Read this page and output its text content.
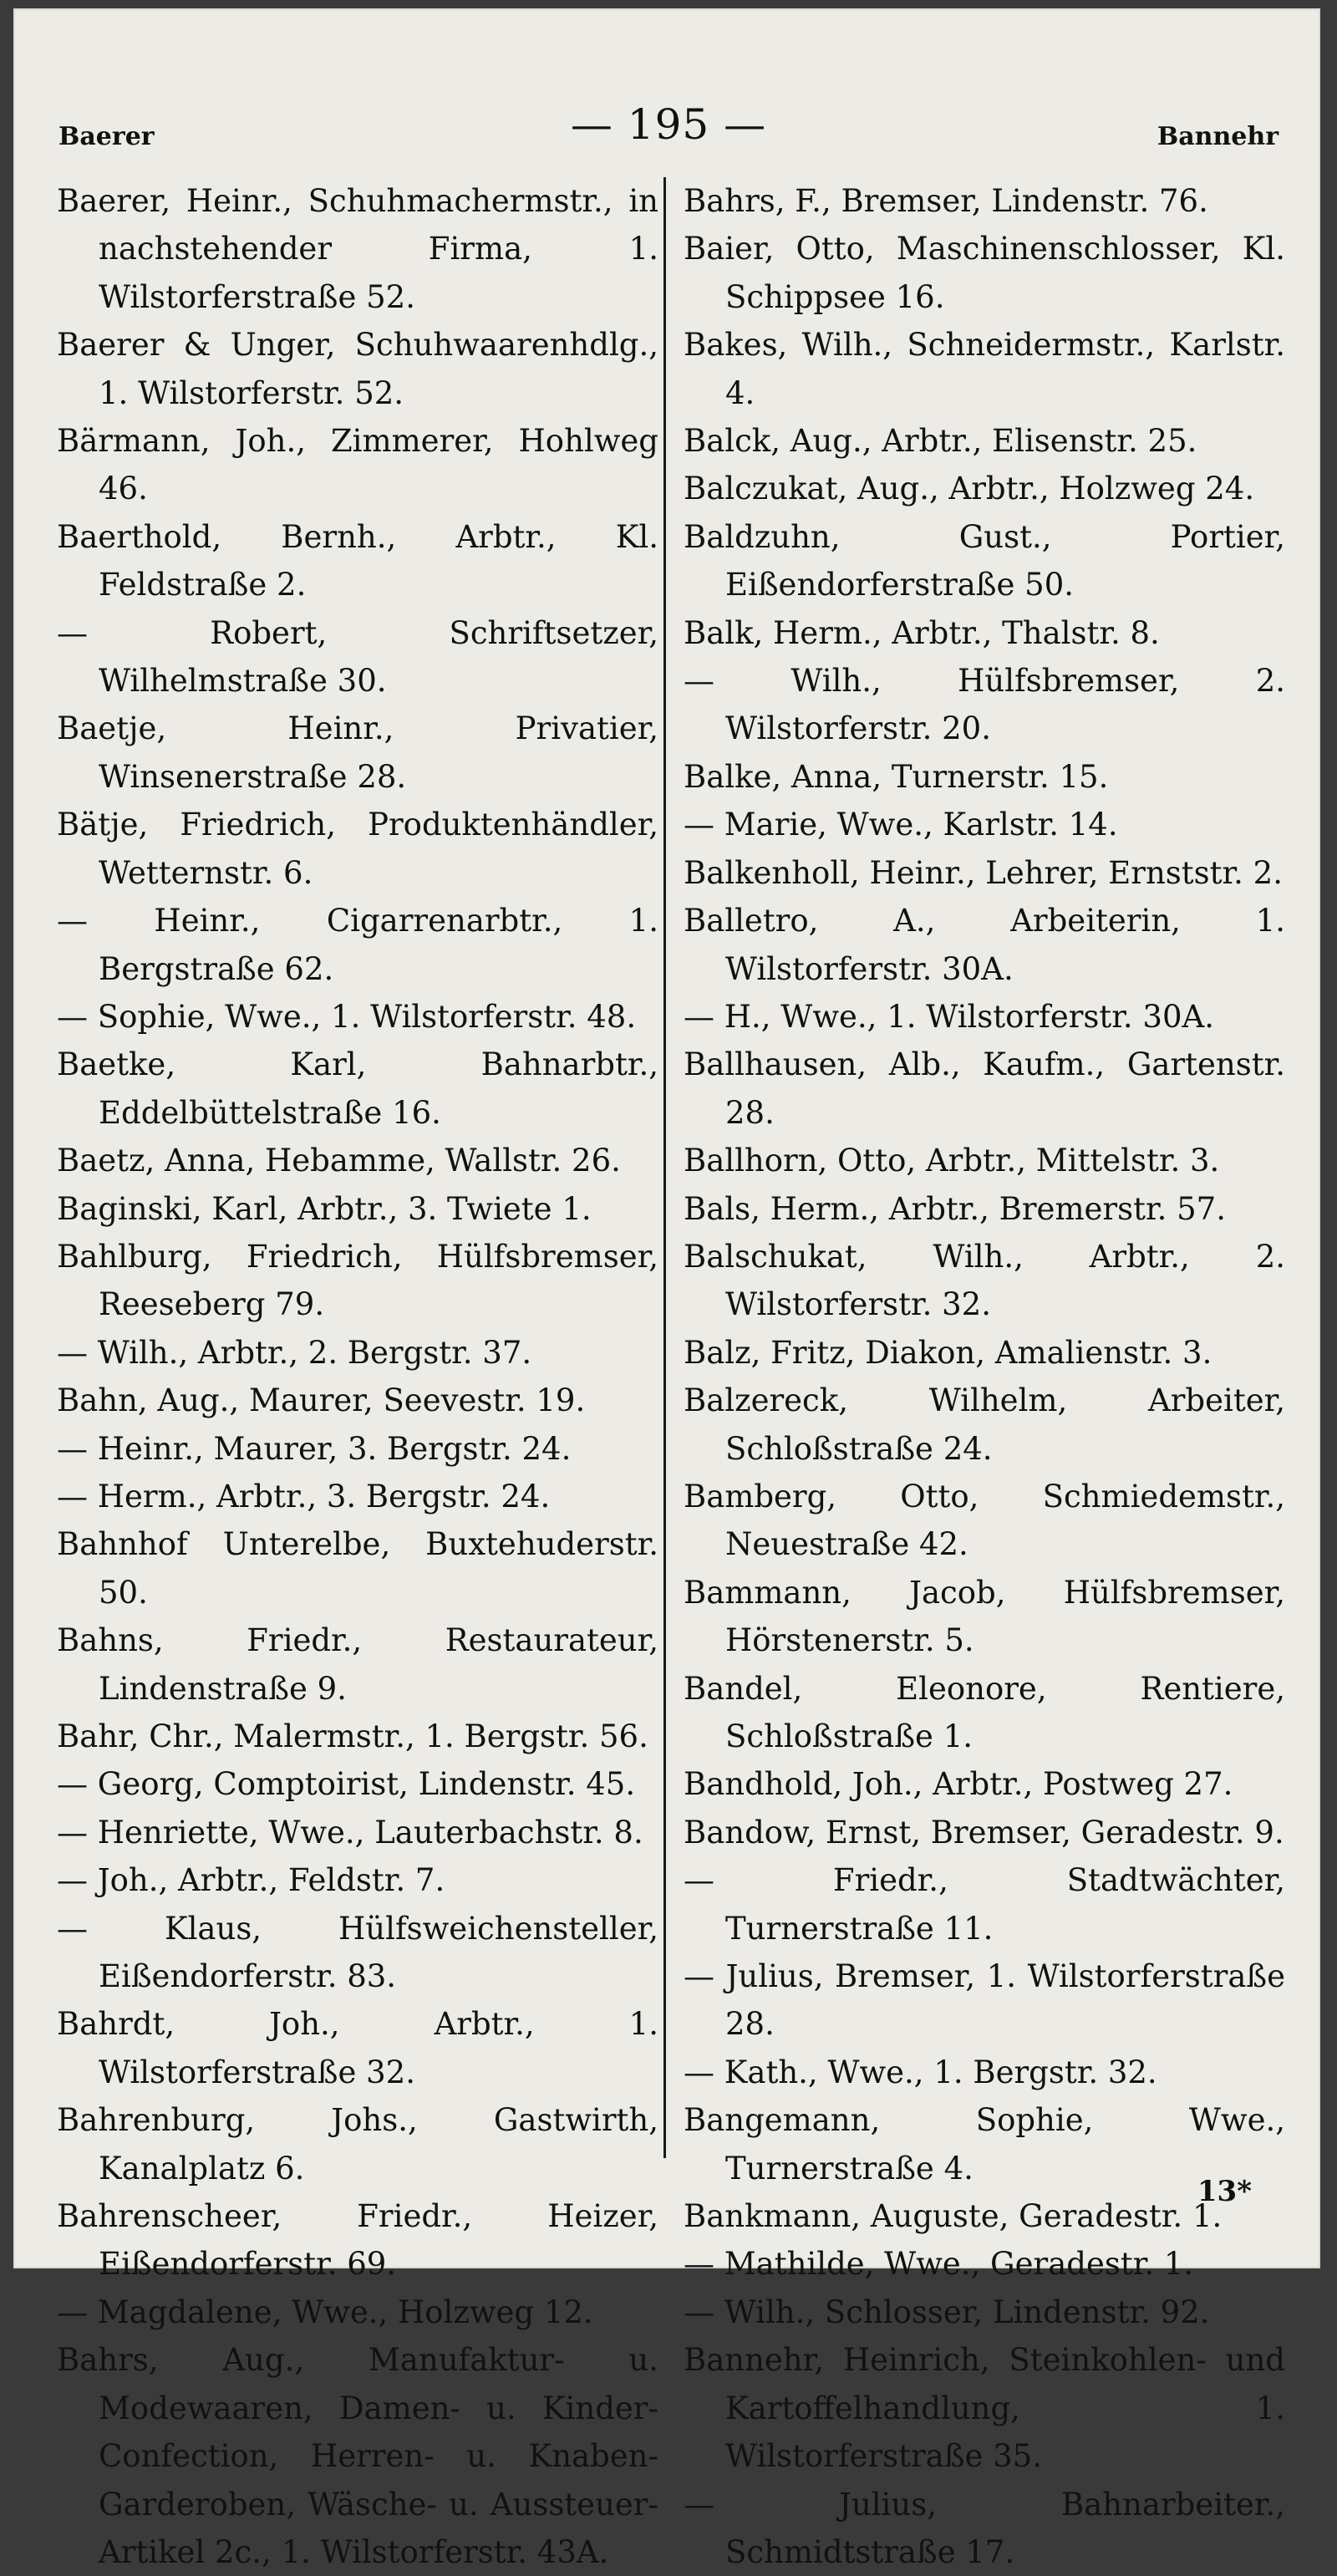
Baerer	— 195 —	Bannehr
Baerer, Heinr., Schuhmachermstr., in nachstehender Firma, 1. Wilstorferstraße 52.
Baerer & Unger, Schuhwaarenhdlg., 1. Wilstorferstr. 52.
Bärmann, Joh., Zimmerer, Hohlweg 46.
Baerthold, Bernh., Arbtr., Kl. Feldstraße 2.
— Robert, Schriftsetzer, Wilhelmstraße 30.
Baetje, Heinr., Privatier, Winsenerstraße 28.
Bätje, Friedrich, Produktenhändler, Wetternstr. 6.
— Heinr., Cigarrenarbtr., 1. Bergstraße 62.
— Sophie, Wwe., 1. Wilstorferstr. 48.
Baetke, Karl, Bahnarbtr., Eddelbüttelstraße 16.
Baetz, Anna, Hebamme, Wallstr. 26.
Baginski, Karl, Arbtr., 3. Twiete 1.
Bahlburg, Friedrich, Hülfsbremser, Reeseberg 79.
— Wilh., Arbtr., 2. Bergstr. 37.
Bahn, Aug., Maurer, Seevestr. 19.
— Heinr., Maurer, 3. Bergstr. 24.
— Herm., Arbtr., 3. Bergstr. 24.
Bahnhof Unterelbe, Buxtehuderstr. 50.
Bahns, Friedr., Restaurateur, Lindenstraße 9.
Bahr, Chr., Malermstr., 1. Bergstr. 56.
— Georg, Comptoirist, Lindenstr. 45.
— Henriette, Wwe., Lauterbachstr. 8.
— Joh., Arbtr., Feldstr. 7.
— Klaus, Hülfsweichensteller, Eißendorferstr. 83.
Bahrdt, Joh., Arbtr., 1. Wilstorferstraße 32.
Bahrenburg, Johs., Gastwirth, Kanalplatz 6.
Bahrenscheer, Friedr., Heizer, Eißendorferstr. 69.
— Magdalene, Wwe., Holzweg 12.
Bahrs, Aug., Manufaktur- u. Modewaaren, Damen- u. Kinder-Confection, Herren- u. Knaben-Garderoben, Wäsche- u. Aussteuer-Artikel 2c., 1. Wilstorferstr. 43A.
Bahrs, F., Bremser, Lindenstr. 76.
Baier, Otto, Maschinenschlosser, Kl. Schippsee 16.
Bakes, Wilh., Schneidermstr., Karlstr. 4.
Balck, Aug., Arbtr., Elisenstr. 25.
Balczukat, Aug., Arbtr., Holzweg 24.
Baldzuhn, Gust., Portier, Eißendorferstraße 50.
Balk, Herm., Arbtr., Thalstr. 8.
— Wilh., Hülfsbremser, 2. Wilstorferstr. 20.
Balke, Anna, Turnerstr. 15.
— Marie, Wwe., Karlstr. 14.
Balkenholl, Heinr., Lehrer, Ernststr. 2.
Balletro, A., Arbeiterin, 1. Wilstorferstr. 30A.
— H., Wwe., 1. Wilstorferstr. 30A.
Ballhausen, Alb., Kaufm., Gartenstr. 28.
Ballhorn, Otto, Arbtr., Mittelstr. 3.
Bals, Herm., Arbtr., Bremerstr. 57.
Balschukat, Wilh., Arbtr., 2. Wilstorferstr. 32.
Balz, Fritz, Diakon, Amalienstr. 3.
Balzereck, Wilhelm, Arbeiter, Schloßstraße 24.
Bamberg, Otto, Schmiedemstr., Neuestraße 42.
Bammann, Jacob, Hülfsbremser, Hörstenerstr. 5.
Bandel, Eleonore, Rentiere, Schloßstraße 1.
Bandhold, Joh., Arbtr., Postweg 27.
Bandow, Ernst, Bremser, Geradestr. 9.
— Friedr., Stadtwächter, Turnerstraße 11.
— Julius, Bremser, 1. Wilstorferstraße 28.
— Kath., Wwe., 1. Bergstr. 32.
Bangemann, Sophie, Wwe., Turnerstraße 4.
Bankmann, Auguste, Geradestr. 1.
— Mathilde, Wwe., Geradestr. 1.
— Wilh., Schlosser, Lindenstr. 92.
Bannehr, Heinrich, Steinkohlen- und Kartoffelhandlung, 1. Wilstorferstraße 35.
— Julius, Bahnarbeiter., Schmidtstraße 17.
13*
